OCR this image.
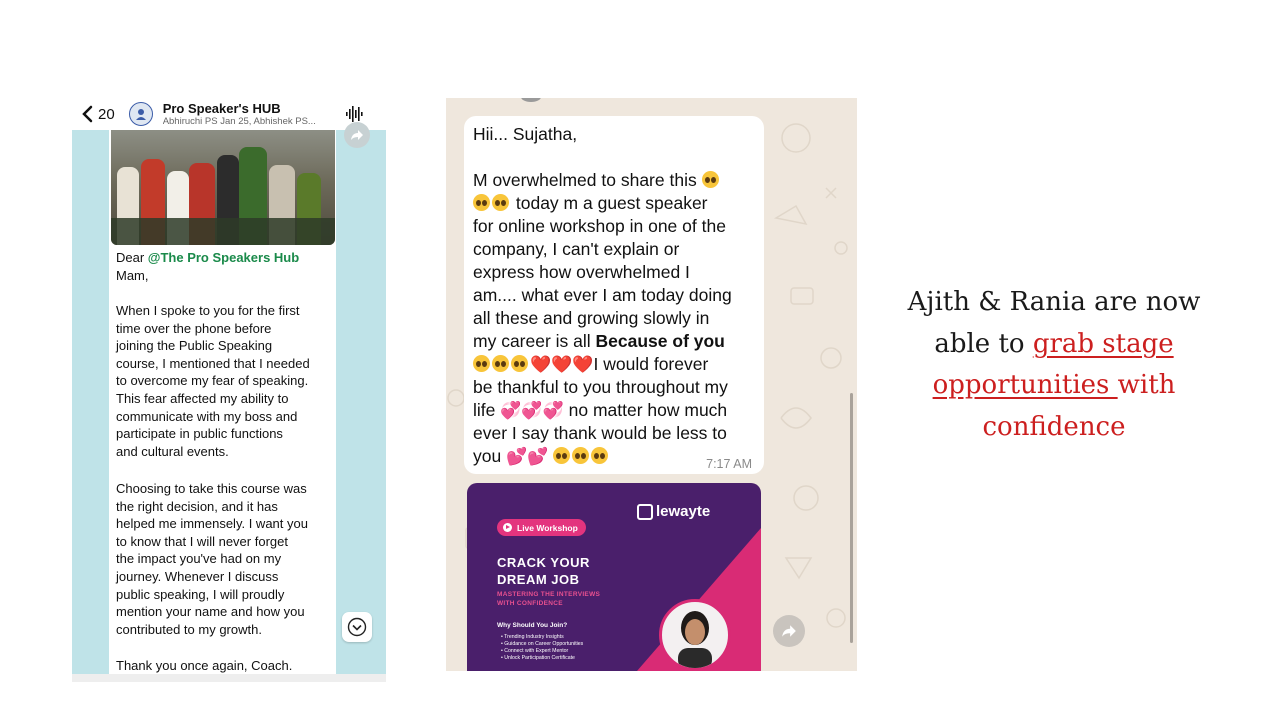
20	Pro Speaker's HUB
Abhiruchi PS Jan 25, Abhishek PS...
Dear @The Pro Speakers Hub
Mam,
When I spoke to you for the first
time over the phone before
joining the Public Speaking
course, I mentioned that I needed
to overcome my fear of speaking.
This fear affected my ability to
communicate with my boss and
participate in public functions
and cultural events.
Choosing to take this course was
the right decision, and it has
helped me immensely. I want you
to know that I will never forget
the impact you've had on my
journey. Whenever I discuss
public speaking, I will proudly
mention your name and how you
contributed to my growth.
Thank you once again, Coach.
Hii... Sujatha,
M overwhelmed to share this
today m a guest speaker
for online workshop in one of the
company, I can't explain or
express how overwhelmed I
am.... what ever I am today doing
all these and growing slowly in
my career is all Because of you
❤️❤️❤️I would forever
be thankful to you throughout my
life 💞💞💞 no matter how much
ever I say thank would be less to
you 💕💕	7:17 AM
Live Workshop
lewayte
CRACK YOUR
DREAM JOB
MASTERING THE INTERVIEWS
WITH CONFIDENCE
Why Should You Join?
• Trending Industry Insights
• Guidance on Career Opportunities
• Connect with Expert Mentor
• Unlock Participation Certificate
Ajith & Rania are now
able to grab stage
opportunities with
confidence
